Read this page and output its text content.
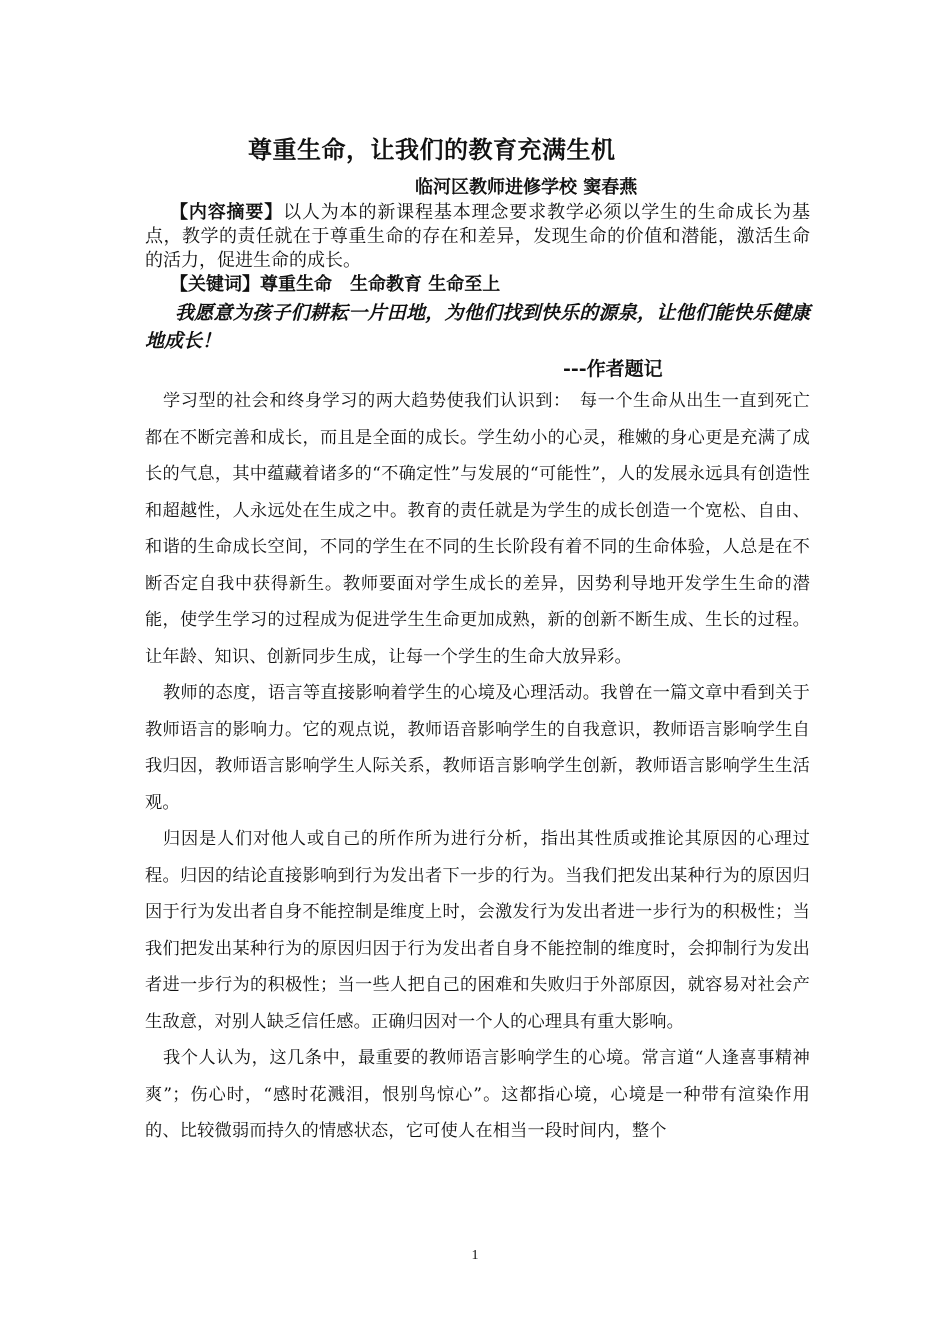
尊重生命，让我们的教育充满生机

临河区教师进修学校 窦春燕

【内容摘要】以人为本的新课程基本理念要求教学必须以学生的生命成长为基点，教学的责任就在于尊重生命的存在和差异，发现生命的价值和潜能，激活生命的活力，促进生命的成长。

【关键词】尊重生命　生命教育 生命至上

我愿意为孩子们耕耘一片田地，为他们找到快乐的源泉，让他们能快乐健康地成长！

---作者题记

学习型的社会和终身学习的两大趋势使我们认识到：　每一个生命从出生一直到死亡都在不断完善和成长，而且是全面的成长。学生幼小的心灵，稚嫩的身心更是充满了成长的气息，其中蕴藏着诸多的“不确定性”与发展的“可能性”，人的发展永远具有创造性和超越性，人永远处在生成之中。教育的责任就是为学生的成长创造一个宽松、自由、和谐的生命成长空间，不同的学生在不同的生长阶段有着不同的生命体验，人总是在不断否定自我中获得新生。教师要面对学生成长的差异，因势利导地开发学生生命的潜能，使学生学习的过程成为促进学生生命更加成熟，新的创新不断生成、生长的过程。让年龄、知识、创新同步生成，让每一个学生的生命大放异彩。

教师的态度，语言等直接影响着学生的心境及心理活动。我曾在一篇文章中看到关于教师语言的影响力。它的观点说，教师语音影响学生的自我意识，教师语言影响学生自我归因，教师语言影响学生人际关系，教师语言影响学生创新，教师语言影响学生生活观。

归因是人们对他人或自己的所作所为进行分析，指出其性质或推论其原因的心理过程。归因的结论直接影响到行为发出者下一步的行为。当我们把发出某种行为的原因归因于行为发出者自身不能控制是维度上时，会激发行为发出者进一步行为的积极性；当我们把发出某种行为的原因归因于行为发出者自身不能控制的维度时，会抑制行为发出者进一步行为的积极性；当一些人把自己的困难和失败归于外部原因，就容易对社会产生敌意，对别人缺乏信任感。正确归因对一个人的心理具有重大影响。

我个人认为，这几条中，最重要的教师语言影响学生的心境。常言道“人逢喜事精神爽”；伤心时，“感时花溅泪，恨别鸟惊心”。这都指心境，心境是一种带有渲染作用的、比较微弱而持久的情感状态，它可使人在相当一段时间内，整个

1
